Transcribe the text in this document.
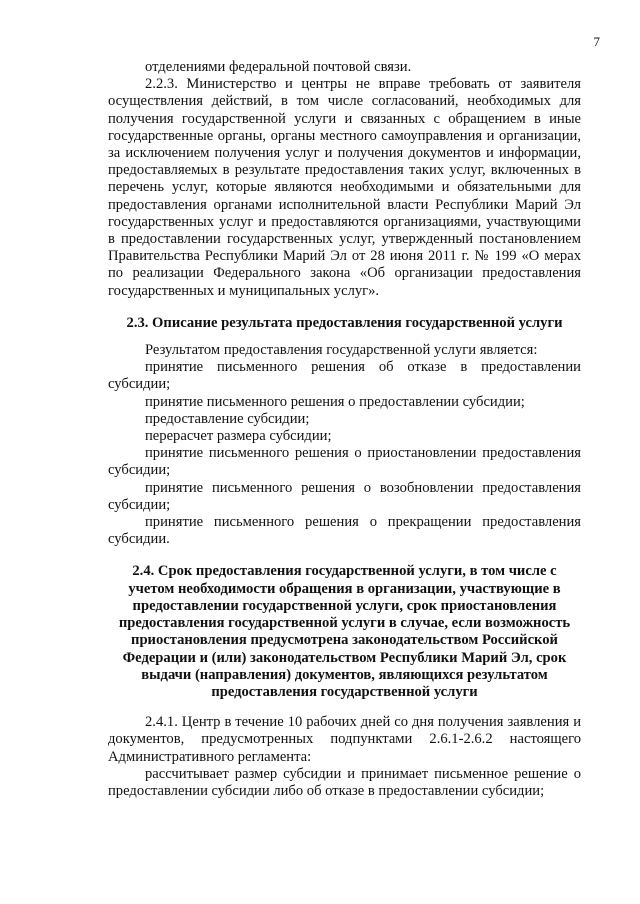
7

отделениями федеральной почтовой связи.

2.2.3. Министерство и центры не вправе требовать от заявителя осуществления действий, в том числе согласований, необходимых для получения государственной услуги и связанных с обращением в иные государственные органы, органы местного самоуправления и организации, за исключением получения услуг и получения документов и информации, предоставляемых в результате предоставления таких услуг, включенных в перечень услуг, которые являются необходимыми и обязательными для предоставления органами исполнительной власти Республики Марий Эл государственных услуг и предоставляются организациями, участвующими в предоставлении государственных услуг, утвержденный постановлением Правительства Республики Марий Эл от 28 июня 2011 г. № 199 «О мерах по реализации Федерального закона «Об организации предоставления государственных и муниципальных услуг».

2.3. Описание результата предоставления государственной услуги

Результатом предоставления государственной услуги является:

принятие письменного решения об отказе в предоставлении субсидии;

принятие письменного решения о предоставлении субсидии;

предоставление субсидии;

перерасчет размера субсидии;

принятие письменного решения о приостановлении предоставления субсидии;

принятие письменного решения о возобновлении предоставления субсидии;

принятие письменного решения о прекращении предоставления субсидии.

2.4. Срок предоставления государственной услуги, в том числе с учетом необходимости обращения в организации, участвующие в предоставлении государственной услуги, срок приостановления предоставления государственной услуги в случае, если возможность приостановления предусмотрена законодательством Российской Федерации и (или) законодательством Республики Марий Эл, срок выдачи (направления) документов, являющихся результатом предоставления государственной услуги

2.4.1. Центр в течение 10 рабочих дней со дня получения заявления и документов, предусмотренных подпунктами 2.6.1-2.6.2 настоящего Административного регламента:

рассчитывает размер субсидии и принимает письменное решение о предоставлении субсидии либо об отказе в предоставлении субсидии;
